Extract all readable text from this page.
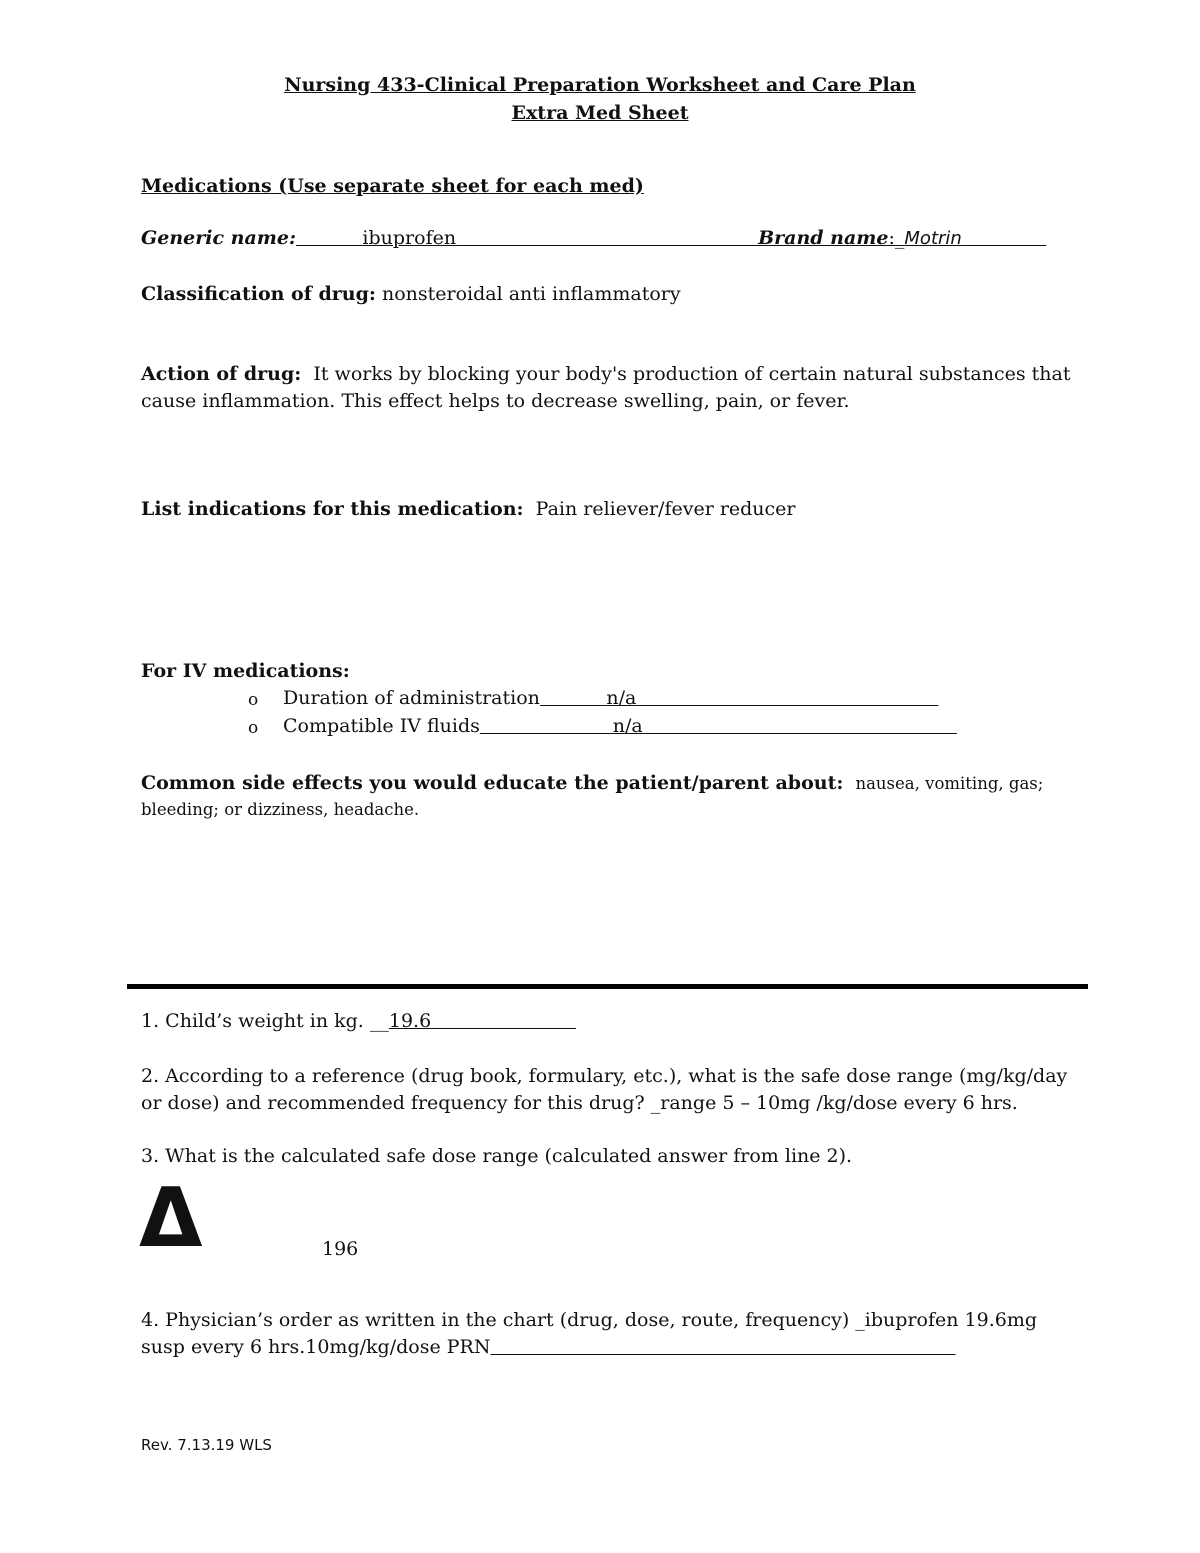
Nursing 433-Clinical Preparation Worksheet and Care Plan
Extra Med Sheet
Medications (Use separate sheet for each med)
Generic name:	ibuprofen	Brand name:_Motrin
Classification of drug: nonsteroidal anti inflammatory
Action of drug: It works by blocking your body's production of certain natural substances that
cause inflammation. This effect helps to decrease swelling, pain, or fever.
List indications for this medication: Pain reliever/fever reducer
For IV medications:
o Duration of administration	n/a
o Compatible IV fluids	n/a
Common side effects you would educate the patient/parent about: nausea, vomiting, gas;
bleeding; or dizziness, headache.
1. Child’s weight in kg. __19.6
2. According to a reference (drug book, formulary, etc.), what is the safe dose range (mg/kg/day
or dose) and recommended frequency for this drug? _range 5 – 10mg /kg/dose every 6 hrs.
3. What is the calculated safe dose range (calculated answer from line 2).
Δ	196
4. Physician’s order as written in the chart (drug, dose, route, frequency) _ibuprofen 19.6mg
susp every 6 hrs.10mg/kg/dose PRN
Rev. 7.13.19 WLS
